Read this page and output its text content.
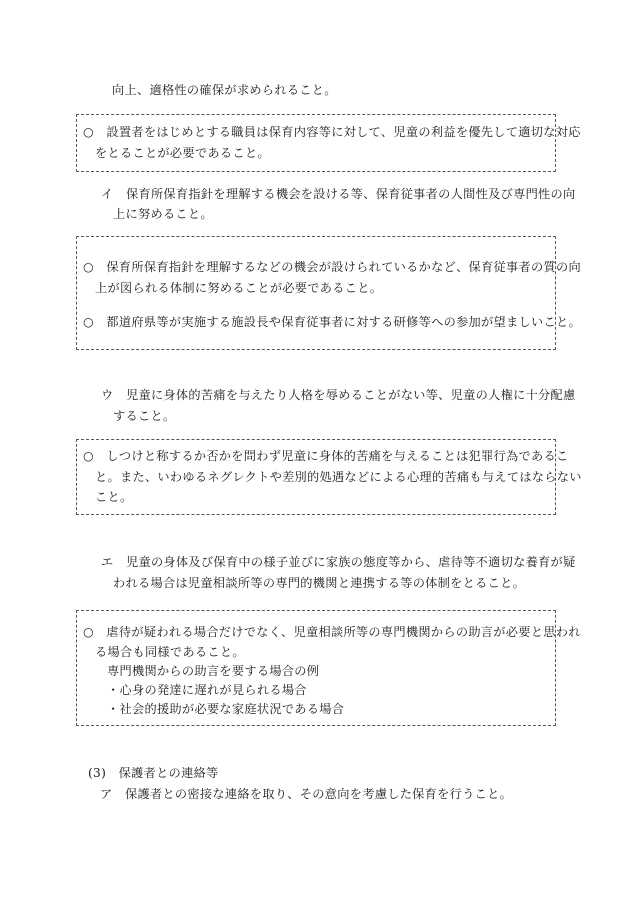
向上、適格性の確保が求められること。
○　設置者をはじめとする職員は保育内容等に対して、児童の利益を優先して適切な対応
をとることが必要であること。
イ　保育所保育指針を理解する機会を設ける等、保育従事者の人間性及び専門性の向
上に努めること。
○　保育所保育指針を理解するなどの機会が設けられているかなど、保育従事者の質の向
上が図られる体制に努めることが必要であること。
○　都道府県等が実施する施設長や保育従事者に対する研修等への参加が望ましいこと。
ウ　児童に身体的苦痛を与えたり人格を辱めることがない等、児童の人権に十分配慮
すること。
○　しつけと称するか否かを問わず児童に身体的苦痛を与えることは犯罪行為であるこ
と。また、いわゆるネグレクトや差別的処遇などによる心理的苦痛も与えてはならない
こと。
エ　児童の身体及び保育中の様子並びに家族の態度等から、虐待等不適切な養育が疑
われる場合は児童相談所等の専門的機関と連携する等の体制をとること。
○　虐待が疑われる場合だけでなく、児童相談所等の専門機関からの助言が必要と思われ
る場合も同様であること。
専門機関からの助言を要する場合の例
・心身の発達に遅れが見られる場合
・社会的援助が必要な家庭状況である場合
(3)　保護者との連絡等
ア　保護者との密接な連絡を取り、その意向を考慮した保育を行うこと。
